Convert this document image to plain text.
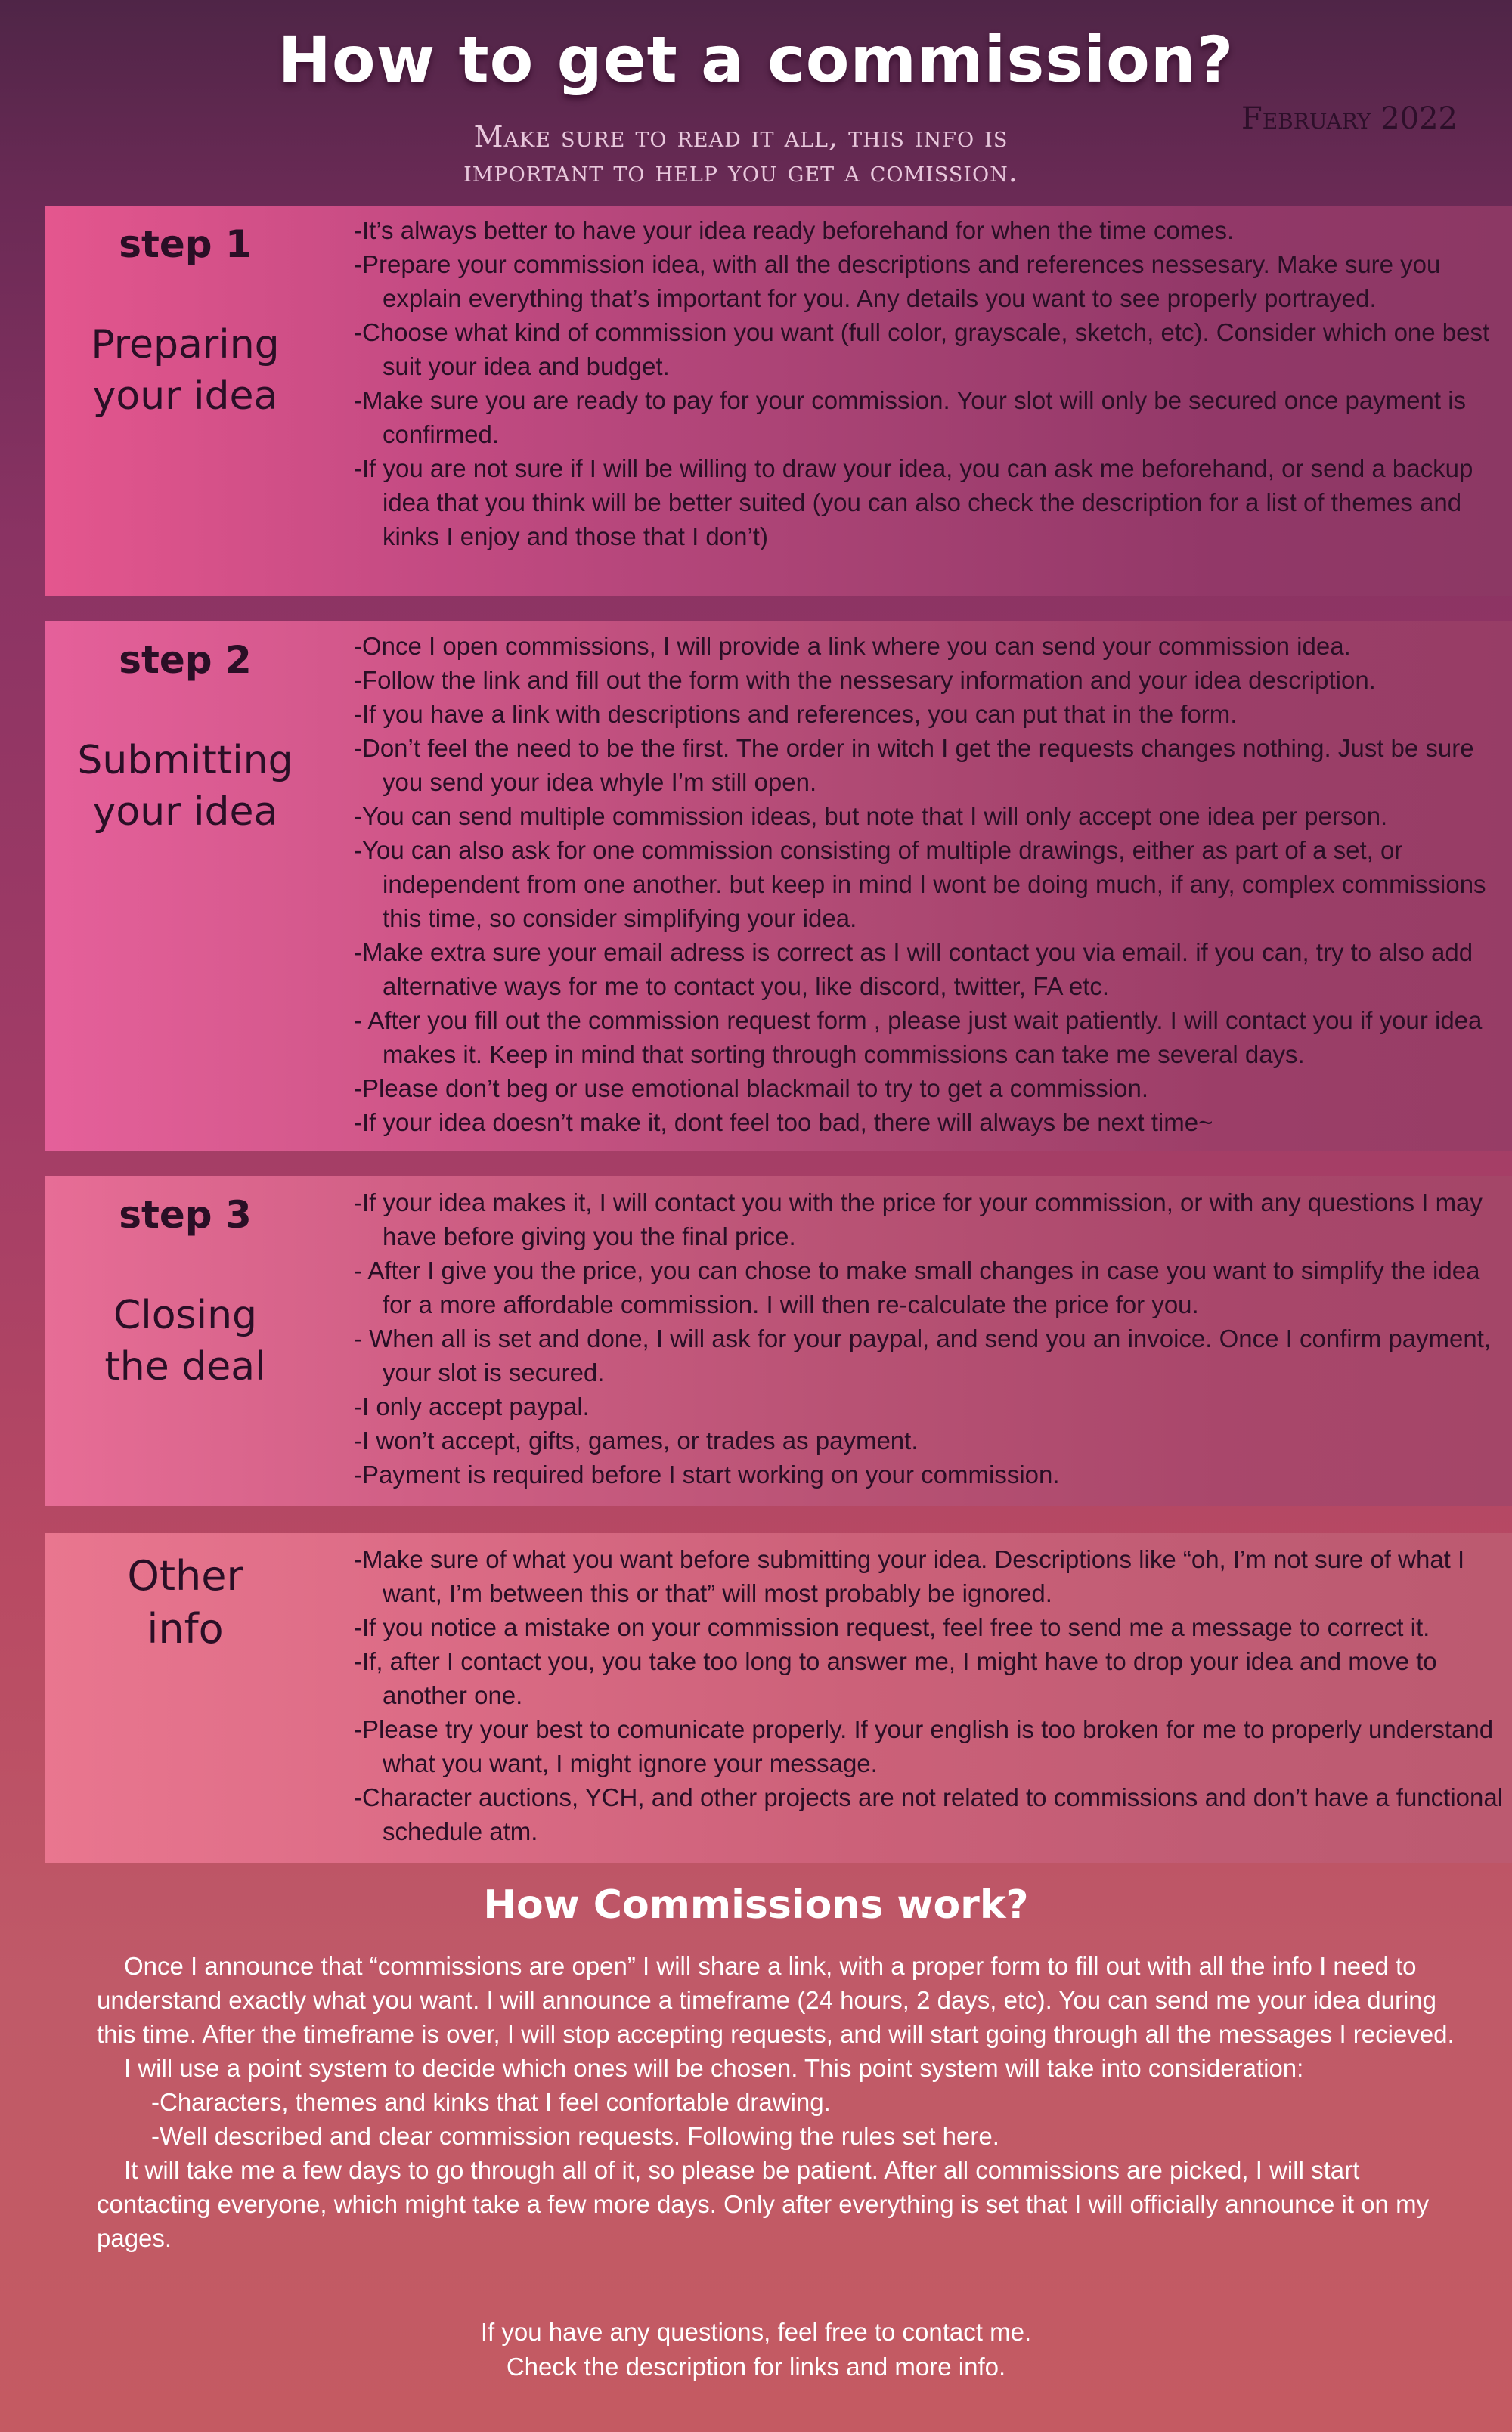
How to get a commission?
Make sure to read it all, this info is
important to help you get a comission.
February 2022
step 1
Preparing
your idea
-It’s always better to have your idea ready beforehand for when the time comes.
-Prepare your commission idea, with all the descriptions and references nessesary. Make sure you explain everything that’s important for you. Any details you want to see properly portrayed.
-Choose what kind of commission you want (full color, grayscale, sketch, etc). Consider which one best suit your idea and budget.
-Make sure you are ready to pay for your commission. Your slot will only be secured once payment is confirmed.
-If you are not sure if I will be willing to draw your idea, you can ask me beforehand, or send a backup idea that you think will be better suited (you can also check the description for a list of themes and kinks I enjoy and those that I don’t)
step 2
Submitting
your idea
-Once I open commissions, I will provide a link where you can send your commission idea.
-Follow the link and fill out the form with the nessesary information and your idea description.
-If you have a link with descriptions and references, you can put that in the form.
-Don’t feel the need to be the first. The order in witch I get the requests changes nothing. Just be sure you send your idea whyle I’m still open.
-You can send multiple commission ideas, but note that I will only accept one idea per person.
-You can also ask for one commission consisting of multiple drawings, either as part of a set, or independent from one another. but keep in mind I wont be doing much, if any, complex commissions this time, so consider simplifying your idea.
-Make extra sure your email adress is correct as I will contact you via email. if you can, try to also add alternative ways for me to contact you, like discord, twitter, FA etc.
- After you fill out the commission request form , please just wait patiently. I will contact you if your idea makes it. Keep in mind that sorting through commissions can take me several days.
-Please don’t beg or use emotional blackmail to try to get a commission.
-If your idea doesn’t make it, dont feel too bad, there will always be next time~
step 3
Closing
the deal
-If your idea makes it, I will contact you with the price for your commission, or with any questions I may have before giving you the final price.
- After I give you the price, you can chose to make small changes in case you want to simplify the idea for a more affordable commission. I will then re-calculate the price for you.
- When all is set and done, I will ask for your paypal, and send you an invoice. Once I confirm payment, your slot is secured.
-I only accept paypal.
-I won’t accept, gifts, games, or trades as payment.
-Payment is required before I start working on your commission.
Other
info
-Make sure of what you want before submitting your idea. Descriptions like “oh, I’m not sure of what I want, I’m between this or that” will most probably be ignored.
-If you notice a mistake on your commission request, feel free to send me a message to correct it.
-If, after I contact you, you take too long to answer me, I might have to drop your idea and move to another one.
-Please try your best to comunicate properly. If your english is too broken for me to properly understand what you want, I might ignore your message.
-Character auctions, YCH, and other projects are not related to commissions and don’t have a functional schedule atm.
How Commissions work?

Once I announce that “commissions are open” I will share a link, with a proper form to fill out with all the info I need to understand exactly what you want. I will announce a timeframe (24 hours, 2 days, etc). You can send me your idea during this time. After the timeframe is over, I will stop accepting requests, and will start going through all the messages I recieved.

I will use a point system to decide which ones will be chosen. This point system will take into consideration:

-Characters, themes and kinks that I feel confortable drawing.

-Well described and clear commission requests. Following the rules set here.

It will take me a few days to go through all of it, so please be patient. After all commissions are picked, I will start contacting everyone, which might take a few more days. Only after everything is set that I will officially announce it on my pages.

If you have any questions, feel free to contact me.
Check the description for links and more info.
